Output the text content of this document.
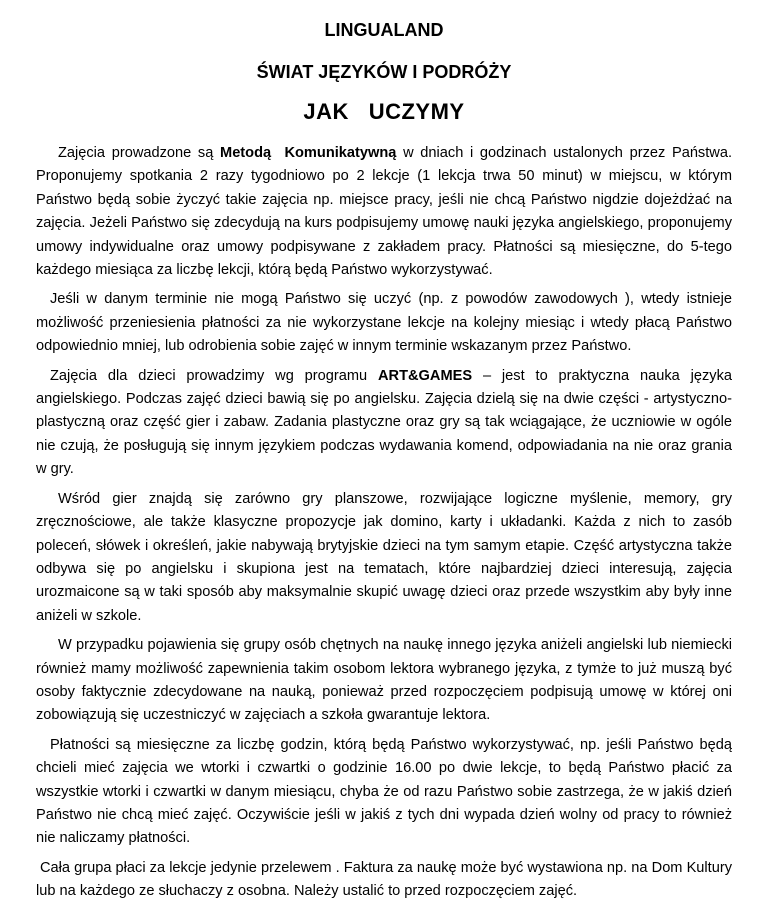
LINGUALAND
ŚWIAT JĘZYKÓW I PODRÓŻY
JAK   UCZYMY

Zajęcia prowadzone są Metodą  Komunikatywną w dniach i godzinach ustalonych przez Państwa. Proponujemy spotkania 2 razy tygodniowo po 2 lekcje (1 lekcja trwa 50 minut) w miejscu, w którym Państwo będą sobie życzyć takie zajęcia np. miejsce pracy, jeśli nie chcą Państwo nigdzie dojeżdżać na zajęcia. Jeżeli Państwo się zdecydują na kurs podpisujemy umowę nauki języka angielskiego, proponujemy umowy indywidualne oraz umowy podpisywane z zakładem pracy. Płatności są miesięczne, do 5-tego każdego miesiąca za liczbę lekcji, którą będą Państwo wykorzystywać.

Jeśli w danym terminie nie mogą Państwo się uczyć (np. z powodów zawodowych ), wtedy istnieje możliwość przeniesienia płatności za nie wykorzystane lekcje na kolejny miesiąc i wtedy płacą Państwo odpowiednio mniej, lub odrobienia sobie zajęć w innym terminie wskazanym przez Państwo.

Zajęcia dla dzieci prowadzimy wg programu ART&GAMES – jest to praktyczna nauka języka angielskiego. Podczas zajęć dzieci bawią się po angielsku. Zajęcia dzielą się na dwie części - artystyczno-plastyczną oraz część gier i zabaw. Zadania plastyczne oraz gry są tak wciągające, że uczniowie w ogóle nie czują, że posługują się innym językiem podczas wydawania komend, odpowiadania na nie oraz grania w gry.

Wśród gier znajdą się zarówno gry planszowe, rozwijające logiczne myślenie, memory, gry zręcznościowe, ale także klasyczne propozycje jak domino, karty i układanki. Każda z nich to zasób poleceń, słówek i określeń, jakie nabywają brytyjskie dzieci na tym samym etapie. Część artystyczna także odbywa się po angielsku i skupiona jest na tematach, które najbardziej dzieci interesują, zajęcia urozmaicone są w taki sposób aby maksymalnie skupić uwagę dzieci oraz przede wszystkim aby były inne aniżeli w szkole.

W przypadku pojawienia się grupy osób chętnych na naukę innego języka aniżeli angielski lub niemiecki również mamy możliwość zapewnienia takim osobom lektora wybranego języka, z tymże to już muszą być osoby faktycznie zdecydowane na nauką, ponieważ przed rozpoczęciem podpisują umowę w której oni zobowiązują się uczestniczyć w zajęciach a szkoła gwarantuje lektora.

Płatności są miesięczne za liczbę godzin, którą będą Państwo wykorzystywać, np. jeśli Państwo będą chcieli mieć zajęcia we wtorki i czwartki o godzinie 16.00 po dwie lekcje, to będą Państwo płacić za wszystkie wtorki i czwartki w danym miesiącu, chyba że od razu Państwo sobie zastrzega, że w jakiś dzień Państwo nie chcą mieć zajęć. Oczywiście jeśli w jakiś z tych dni wypada dzień wolny od pracy to również nie naliczamy płatności.

Cała grupa płaci za lekcje jedynie przelewem . Faktura za naukę może być wystawiona np. na Dom Kultury lub na każdego ze słuchaczy z osobna. Należy ustalić to przed rozpoczęciem zajęć.
